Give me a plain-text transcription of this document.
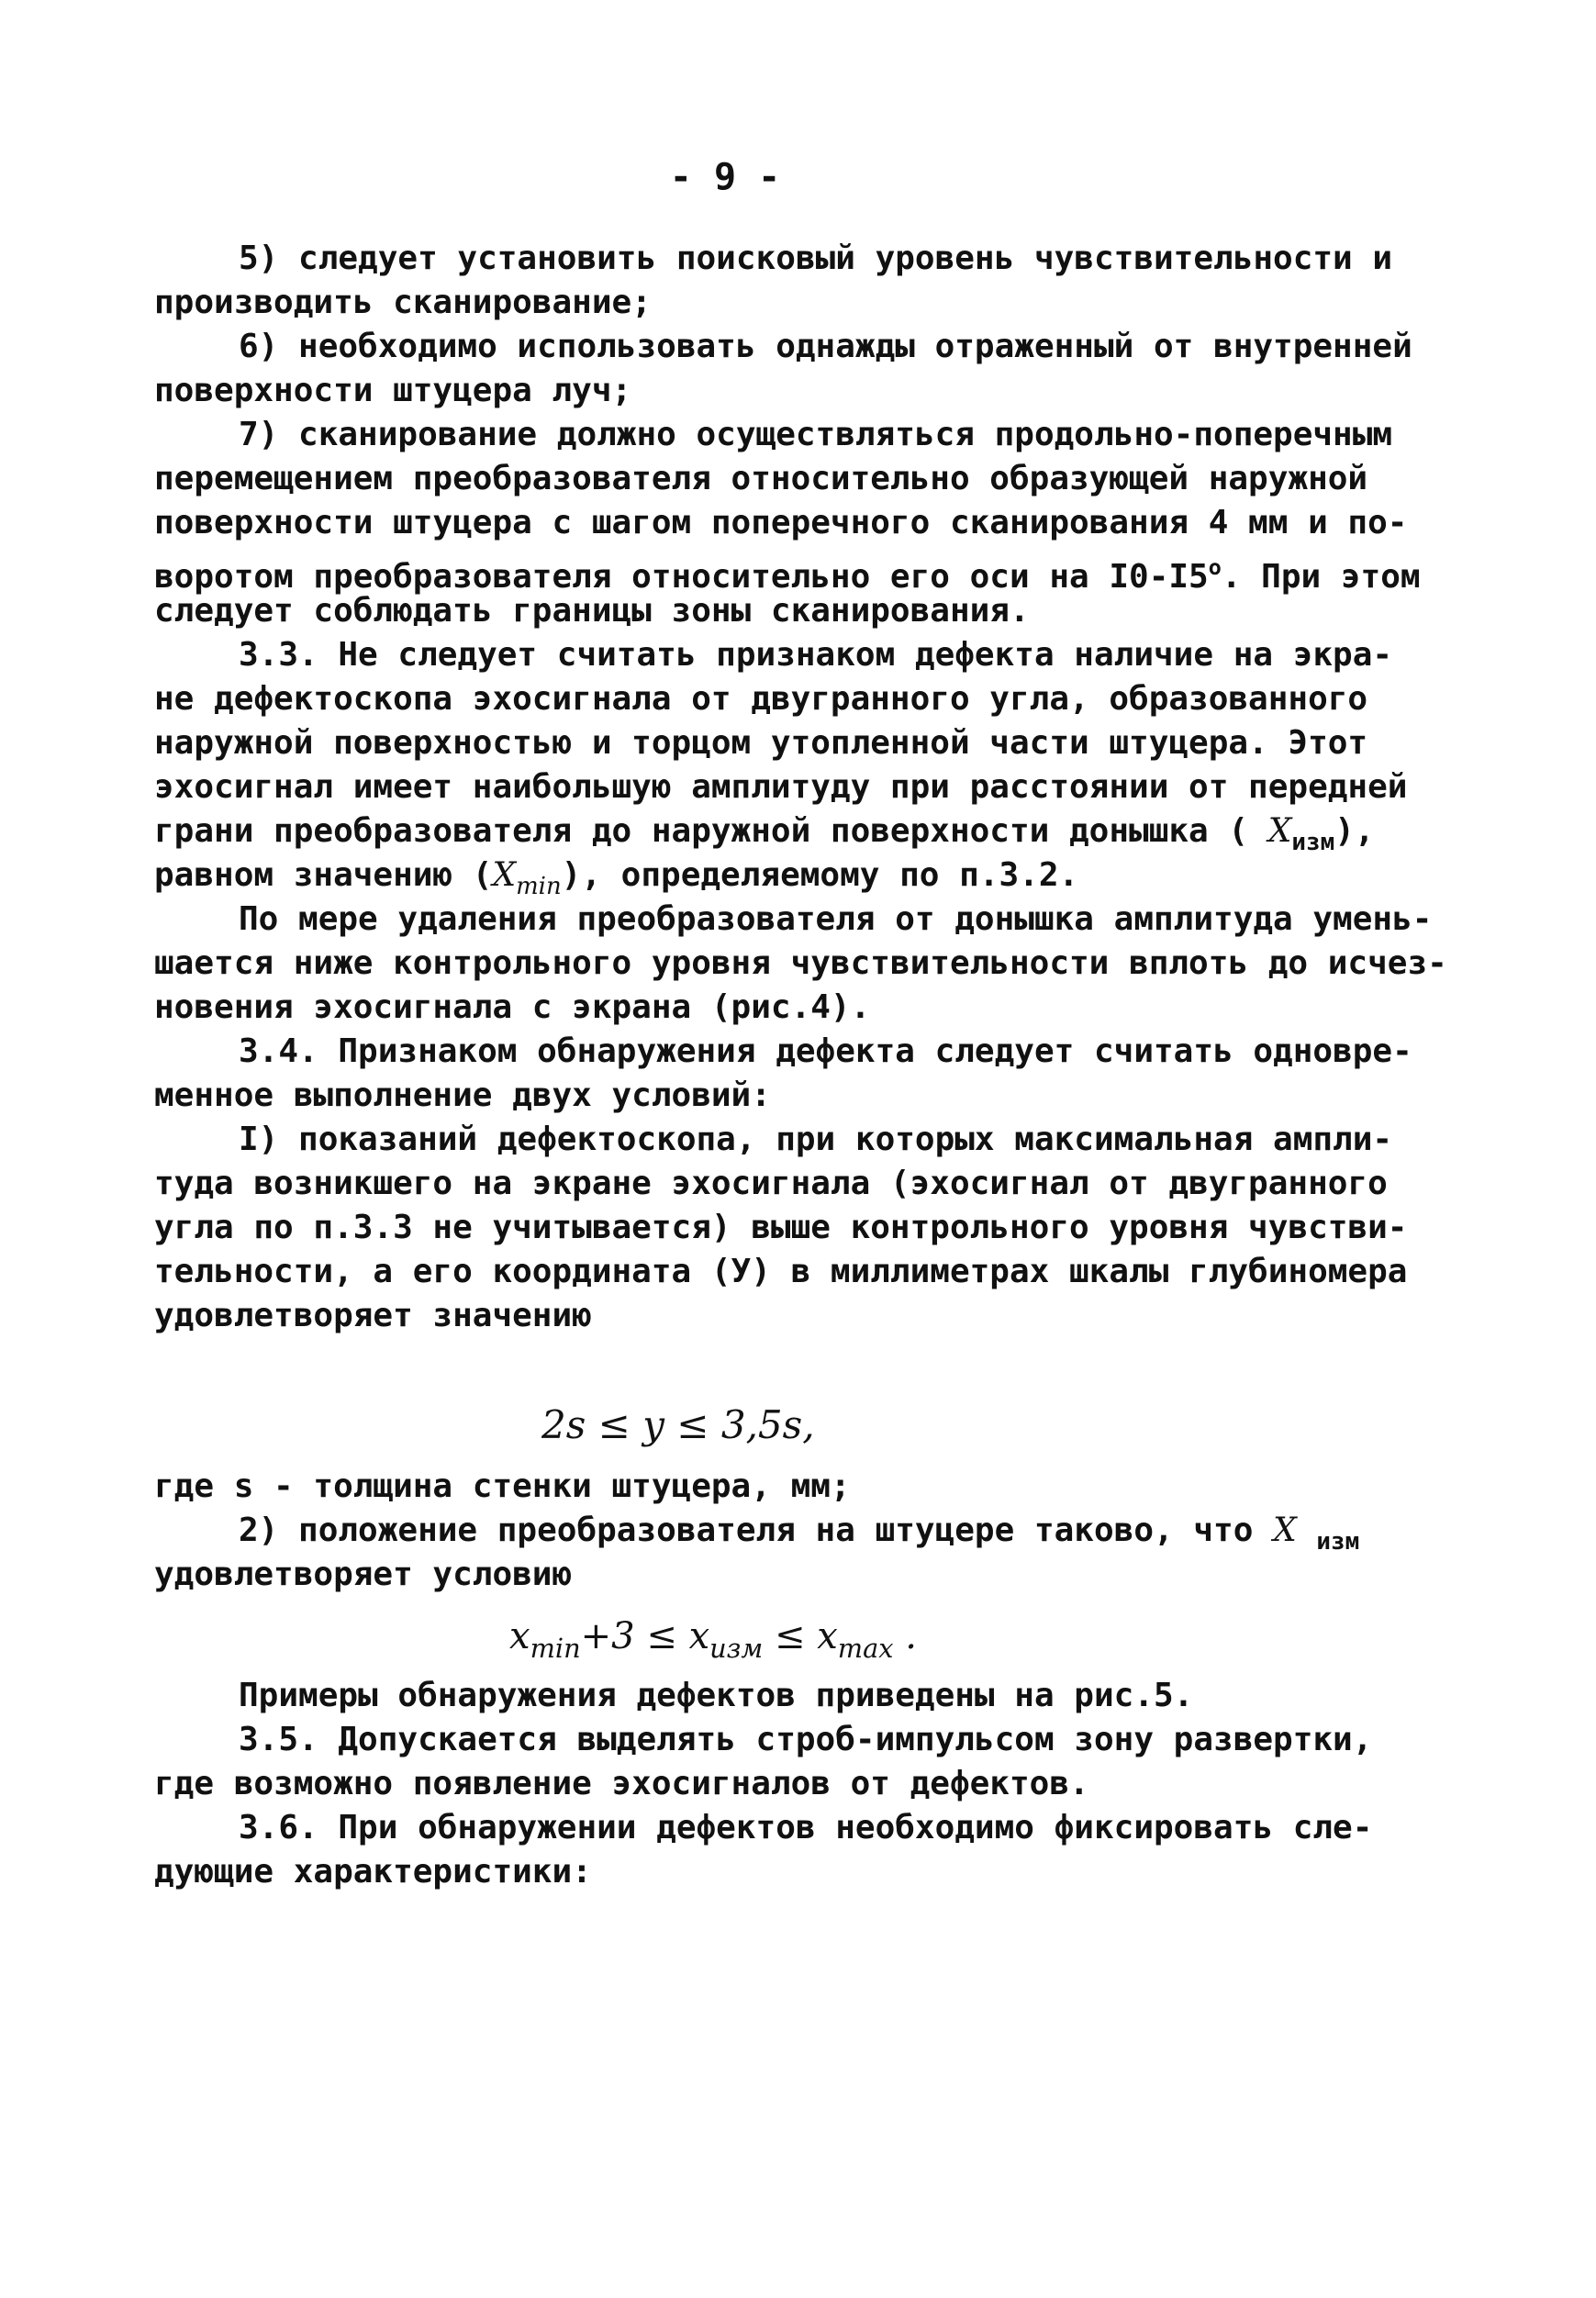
- 9 -
5) следует установить поисковый уровень чувствительности и
производить сканирование;
6) необходимо использовать однажды отраженный от внутренней
поверхности штуцера луч;
7) сканирование должно осуществляться продольно-поперечным
перемещением преобразователя относительно образующей наружной
поверхности штуцера с шагом поперечного сканирования 4 мм и по-
воротом преобразователя относительно его оси на I0-I5$^o$. При этом
следует соблюдать границы зоны сканирования.
3.3. Не следует считать признаком дефекта наличие на экра-
не дефектоскопа эхосигнала от двугранного угла, образованного
наружной поверхностью и торцом утопленной части штуцера. Этот
эхосигнал имеет наибольшую амплитуду при расстоянии от передней
грани преобразователя до наружной поверхности донышка ( $X_{изм}$),
равном значению $(X_{min})$, определяемому по п.3.2.
По мере удаления преобразователя от донышка амплитуда умень-
шается ниже контрольного уровня чувствительности вплоть до исчез-
новения эхосигнала с экрана (рис.4).
3.4. Признаком обнаружения дефекта следует считать одновре-
менное выполнение двух условий:
I) показаний дефектоскопа, при которых максимальная ампли-
туда возникшего на экране эхосигнала (эхосигнал от двугранного
угла по п.3.3 не учитывается) выше контрольного уровня чувстви-
тельности, а его координата (У) в миллиметрах шкалы глубиномера
удовлетворяет значению
2s ≤ y ≤ 3,5s,
где s - толщина стенки штуцера, мм;
2) положение преобразователя на штуцере таково, что X $_{изм}$
удовлетворяет условию
$x_{min}+3 \le x_{изм} \le x_{max}$ .
Примеры обнаружения дефектов приведены на рис.5.
3.5. Допускается выделять строб-импульсом зону развертки,
где возможно появление эхосигналов от дефектов.
3.6. При обнаружении дефектов необходимо фиксировать сле-
дующие характеристики:
